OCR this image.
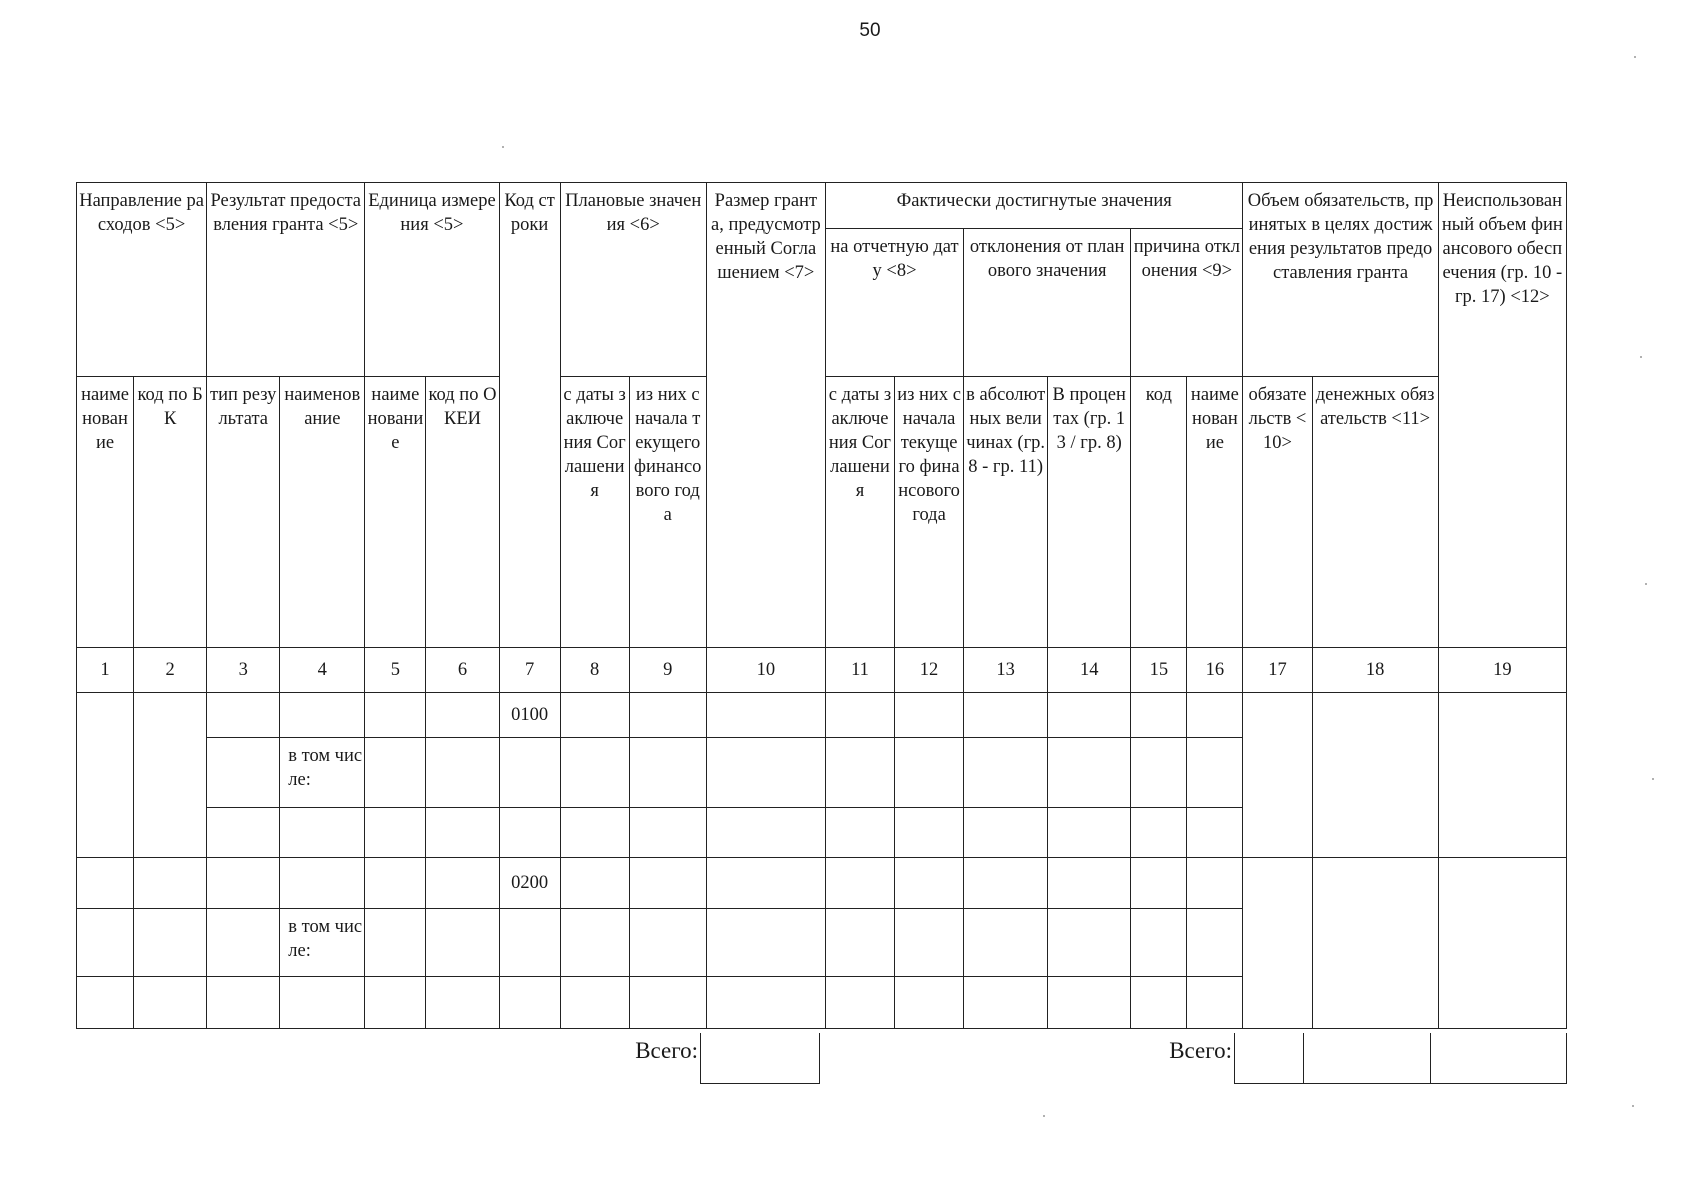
50
Направление расходов <5>		Результат предоставления гранта <5>		Единица измерения <5>		Код строки	Плановые значения <6>		Размер гранта, предусмотренный Соглашением <7>	Фактически достигнутые значения						Объем обязательств, принятых в целях достижения результатов предоставления гранта		Неиспользованный объем финансового обеспечения (гр. 10 - гр. 17) <12>
										на отчетную дату <8>		отклонения от планового значения		причина отклонения <9>				
наименование	код по БК	тип результата	наименование	наименование	код по ОКЕИ		с даты заключения Соглашения	из них с начала текущего финансового года		с даты заключения Соглашения	из них с начала текущего финансового года	в абсолютных величинах (гр. 8 - гр. 11)	В процентах (гр. 13 / гр. 8)	код	наименование	обязательств <10>	денежных обязательств <11>	
1	2	3	4	5	6	7	8	9	10	11	12	13	14	15	16	17	18	19
						0100												
			в том числе:															

						0200												
			в том числе:															

Всего:	Всего:
